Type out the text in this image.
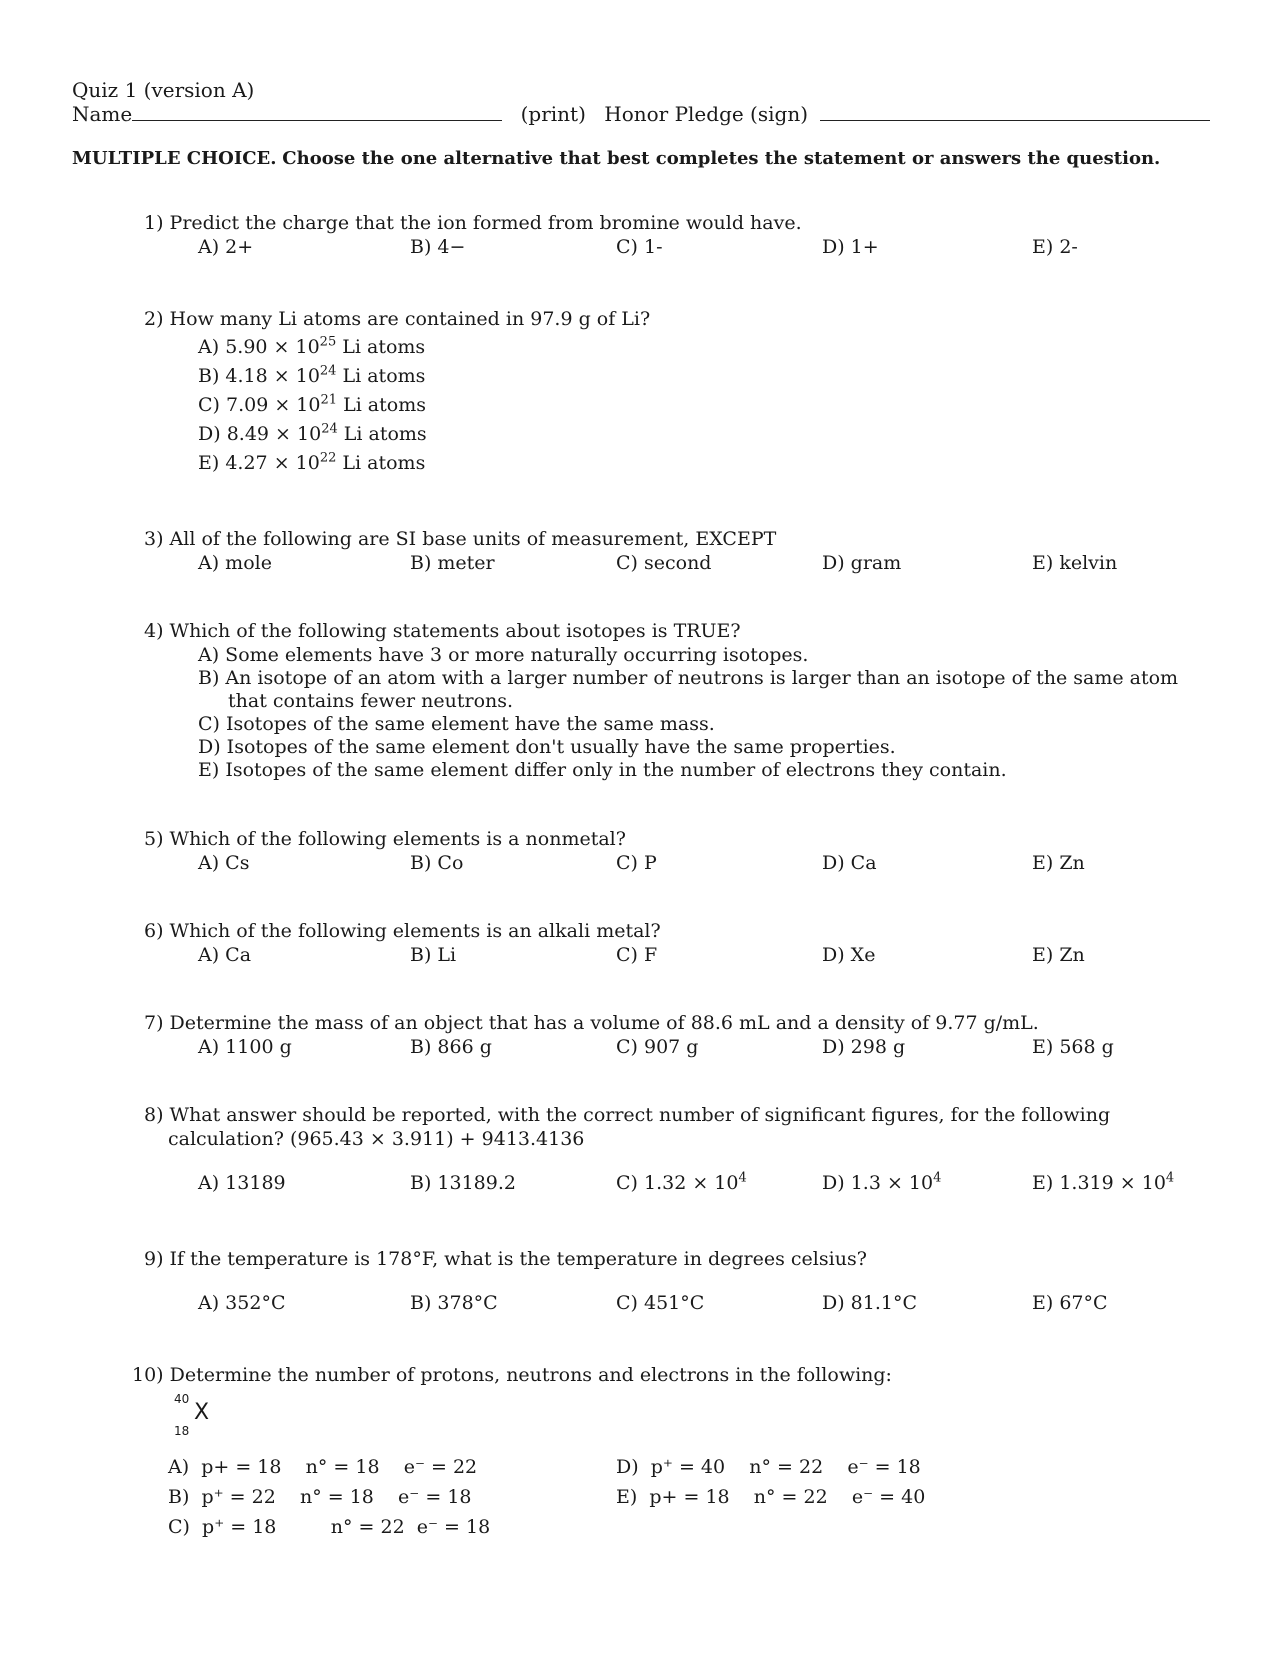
Quiz 1 (version A)
Name	(print) Honor Pledge (sign)
MULTIPLE CHOICE. Choose the one alternative that best completes the statement or answers the question.
1) Predict the charge that the ion formed from bromine would have.
A) 2+	B) 4−	C) 1-	D) 1+	E) 2-
2) How many Li atoms are contained in 97.9 g of Li?
A) $5.90 \times 10^{25}$ Li atoms
B) $4.18 \times 10^{24}$ Li atoms
C) $7.09 \times 10^{21}$ Li atoms
D) $8.49 \times 10^{24}$ Li atoms
E) $4.27 \times 10^{22}$ Li atoms
3) All of the following are SI base units of measurement, EXCEPT
A) mole	B) meter	C) second	D) gram	E) kelvin
4) Which of the following statements about isotopes is TRUE?
A) Some elements have 3 or more naturally occurring isotopes.
B) An isotope of an atom with a larger number of neutrons is larger than an isotope of the same atom
that contains fewer neutrons.
C) Isotopes of the same element have the same mass.
D) Isotopes of the same element don't usually have the same properties.
E) Isotopes of the same element differ only in the number of electrons they contain.
5) Which of the following elements is a nonmetal?
A) Cs	B) Co	C) P	D) Ca	E) Zn
6) Which of the following elements is an alkali metal?
A) Ca	B) Li	C) F	D) Xe	E) Zn
7) Determine the mass of an object that has a volume of 88.6 mL and a density of 9.77 g/mL.
A) 1100 g	B) 866 g	C) 907 g	D) 298 g	E) 568 g
8) What answer should be reported, with the correct number of significant figures, for the following
calculation? (965.43 × 3.911) + 9413.4136
A) 13189	B) 13189.2	C) $1.32 \times 10^4$	D) $1.3 \times 10^4$	E) $1.319 \times 10^4$
9) If the temperature is 178°F, what is the temperature in degrees celsius?
A) 352°C	B) 378°C	C) 451°C	D) 81.1°C	E) 67°C
10) Determine the number of protons, neutrons and electrons in the following:
40
X
18
A)  p+ = 18    n° = 18    e⁻ = 22
B)  p⁺ = 22    n° = 18    e⁻ = 18
C)  p⁺ = 18         n° = 22  e⁻ = 18
D)  p⁺ = 40    n° = 22    e⁻ = 18
E)  p+ = 18    n° = 22    e⁻ = 40
